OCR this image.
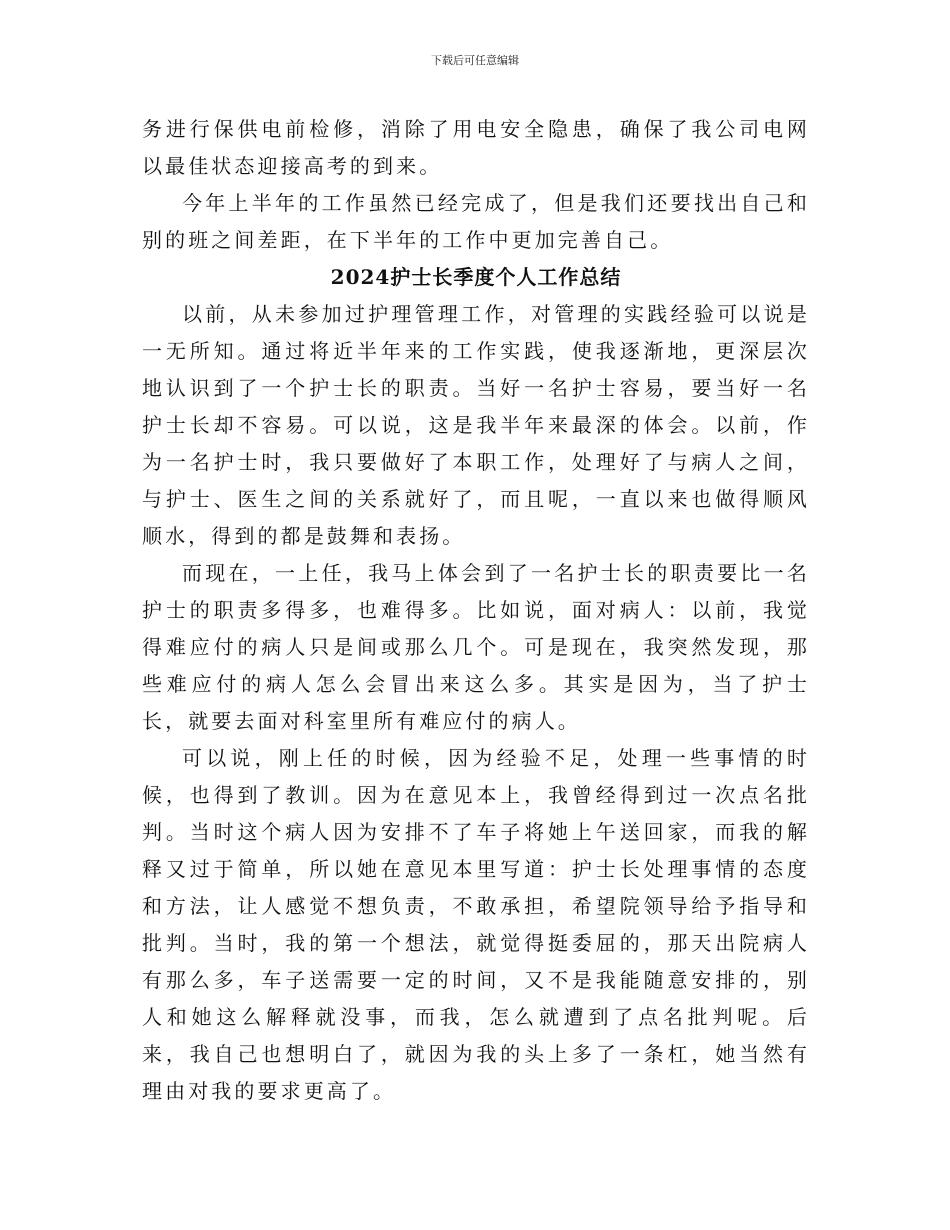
下载后可任意编辑

务进行保供电前检修，消除了用电安全隐患，确保了我公司电网以最佳状态迎接高考的到来。

今年上半年的工作虽然已经完成了，但是我们还要找出自己和别的班之间差距，在下半年的工作中更加完善自己。

2024护士长季度个人工作总结

以前，从未参加过护理管理工作，对管理的实践经验可以说是一无所知。通过将近半年来的工作实践，使我逐渐地，更深层次地认识到了一个护士长的职责。当好一名护士容易，要当好一名护士长却不容易。可以说，这是我半年来最深的体会。以前，作为一名护士时，我只要做好了本职工作，处理好了与病人之间，与护士、医生之间的关系就好了，而且呢，一直以来也做得顺风顺水，得到的都是鼓舞和表扬。

而现在，一上任，我马上体会到了一名护士长的职责要比一名护士的职责多得多，也难得多。比如说，面对病人：以前，我觉得难应付的病人只是间或那么几个。可是现在，我突然发现，那些难应付的病人怎么会冒出来这么多。其实是因为，当了护士长，就要去面对科室里所有难应付的病人。

可以说，刚上任的时候，因为经验不足，处理一些事情的时候，也得到了教训。因为在意见本上，我曾经得到过一次点名批判。当时这个病人因为安排不了车子将她上午送回家，而我的解释又过于简单，所以她在意见本里写道：护士长处理事情的态度和方法，让人感觉不想负责，不敢承担，希望院领导给予指导和批判。当时，我的第一个想法，就觉得挺委屈的，那天出院病人有那么多，车子送需要一定的时间，又不是我能随意安排的，别人和她这么解释就没事，而我，怎么就遭到了点名批判呢。后来，我自己也想明白了，就因为我的头上多了一条杠，她当然有理由对我的要求更高了。
